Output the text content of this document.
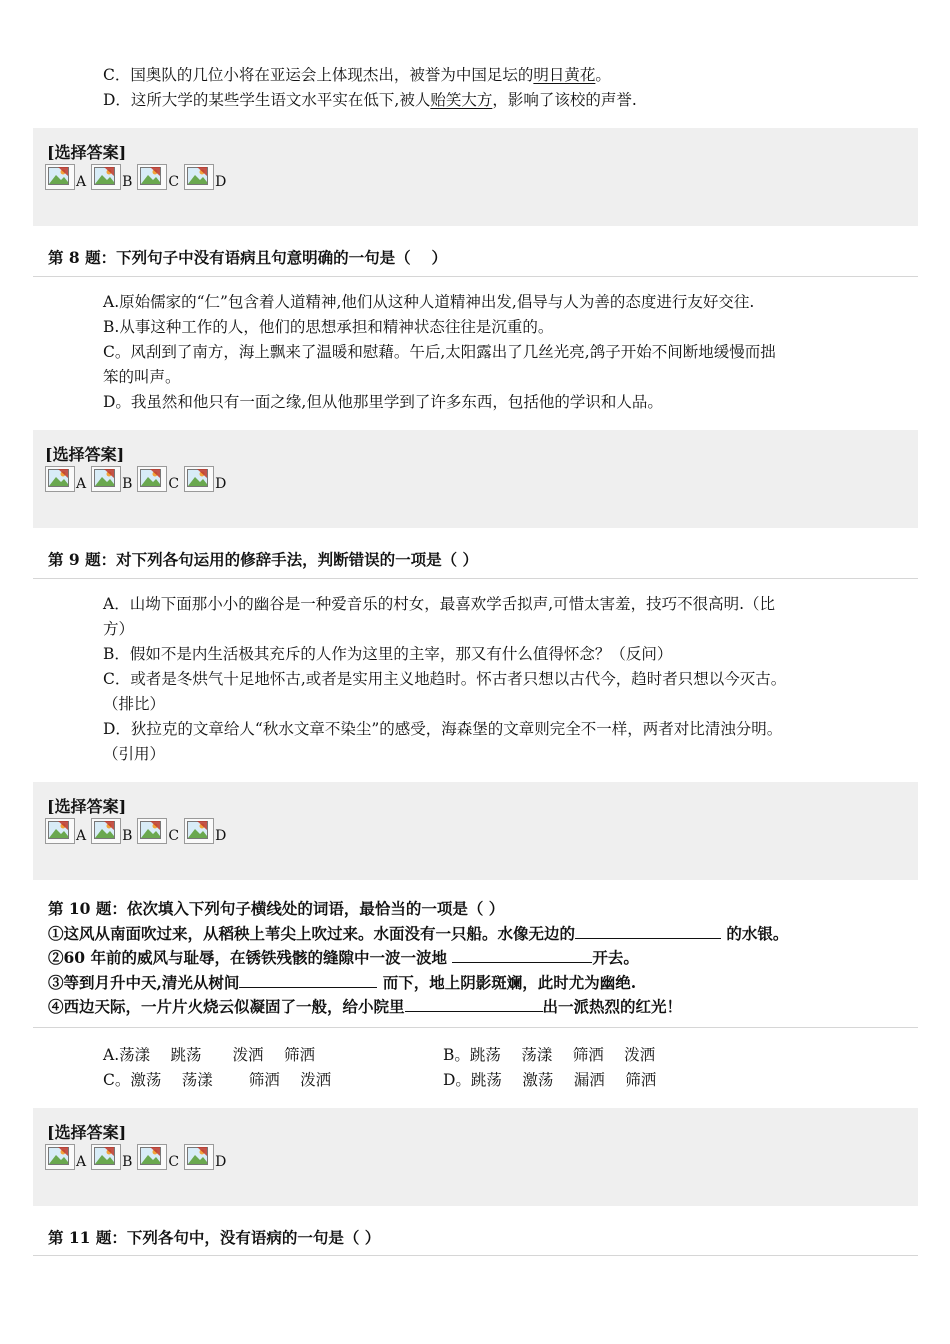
C．国奥队的几位小将在亚运会上体现杰出，被誉为中国足坛的明日黄花。

D．这所大学的某些学生语文水平实在低下,被人贻笑大方，影响了该校的声誉.

[选择答案]
A	B	C	D
第 8 题：下列句子中没有语病且句意明确的一句是（　 ）

A.原始儒家的“仁”包含着人道精神,他们从这种人道精神出发,倡导与人为善的态度进行友好交往.

B.从事这种工作的人，他们的思想承担和精神状态往往是沉重的。

C。风刮到了南方，海上飘来了温暖和慰藉。午后,太阳露出了几丝光亮,鸽子开始不间断地缓慢而拙

笨的叫声。

D。我虽然和他只有一面之缘,但从他那里学到了许多东西，包括他的学识和人品。

[选择答案]
A	B	C	D
第 9 题：对下列各句运用的修辞手法，判断错误的一项是（ ）

A．山坳下面那小小的幽谷是一种爱音乐的村女，最喜欢学舌拟声,可惜太害羞，技巧不很高明.（比

方）

B．假如不是内生活极其充斥的人作为这里的主宰，那又有什么值得怀念？（反问）

C．或者是冬烘气十足地怀古,或者是实用主义地趋时。怀古者只想以古代今，趋时者只想以今灭古。

（排比）

D．狄拉克的文章给人“秋水文章不染尘”的感受，海森堡的文章则完全不一样，两者对比清浊分明。

（引用）

[选择答案]
A	B	C	D

第 10 题：依次填入下列句子横线处的词语，最恰当的一项是（ ）

①这风从南面吹过来，从稻秧上苇尖上吹过来。水面没有一只船。水像无边的	的水银。

②60 年前的威风与耻辱，在锈铁残骸的缝隙中一波一波地	开去。

③等到月升中天,清光从树间	而下，地上阴影斑斓，此时尤为幽绝.

④西边天际，一片片火烧云似凝固了一般，给小院里	出一派热烈的红光！

A.荡漾　 跳荡　　泼洒　 筛洒	B。跳荡　 荡漾　 筛洒　 泼洒
C。激荡　 荡漾　　 筛洒　 泼洒	D。跳荡　 激荡　 漏洒　 筛洒
[选择答案]
A	B	C	D
第 11 题：下列各句中，没有语病的一句是（ ）
